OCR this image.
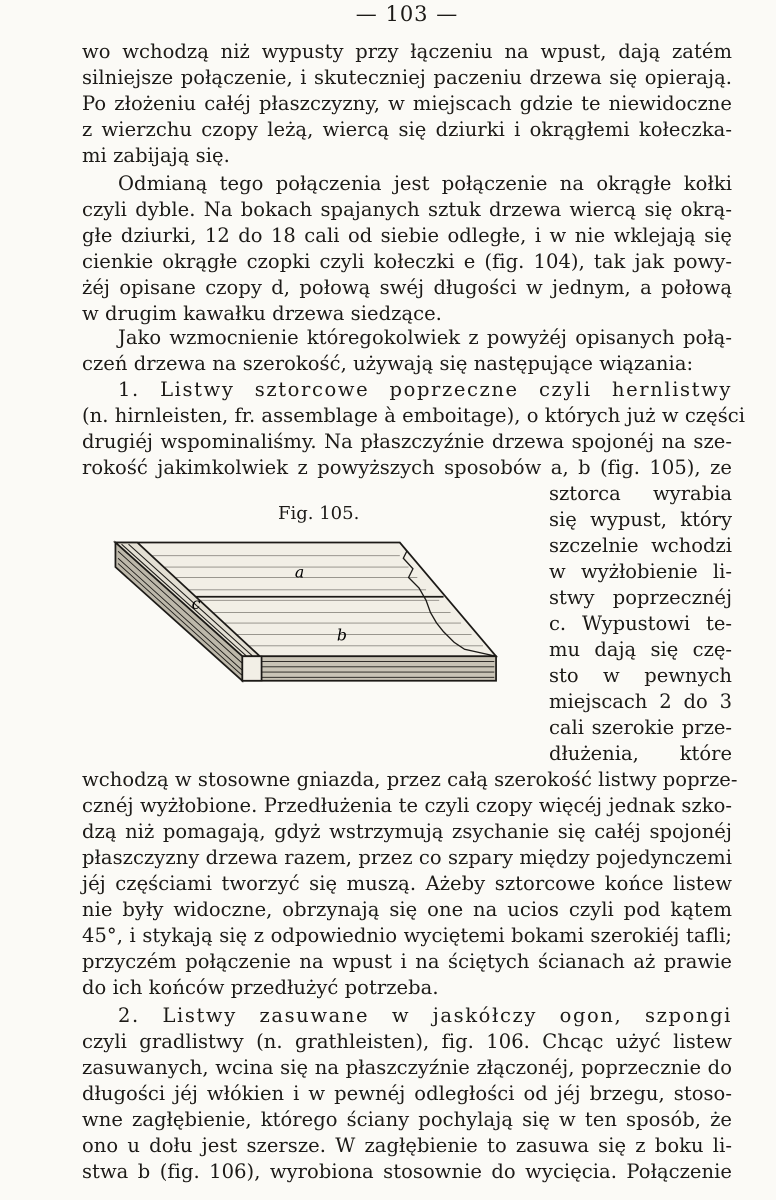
— 103 —
wo wchodzą niż wypusty przy łączeniu na wpust, dają zatém
silniejsze połączenie, i skuteczniej paczeniu drzewa się opierają.
Po złożeniu całéj płaszczyzny, w miejscach gdzie te niewidoczne
z wierzchu czopy leżą, wiercą się dziurki i okrągłemi kołeczka-
mi zabijają się.
Odmianą tego połączenia jest połączenie na okrągłe kołki
czyli dyble. Na bokach spajanych sztuk drzewa wiercą się okrą-
głe dziurki, 12 do 18 cali od siebie odległe, i w nie wklejają się
cienkie okrągłe czopki czyli kołeczki e (fig. 104), tak jak powy-
żéj opisane czopy d, połową swéj długości w jednym, a połową
w drugim kawałku drzewa siedzące.
Jako wzmocnienie któregokolwiek z powyżéj opisanych połą-
czeń drzewa na szerokość, używają się następujące wiązania:
1. Listwy sztorcowe poprzeczne czyli hernlistwy
(n. hirnleisten, fr. assemblage à emboitage), o których już w części
drugiéj wspominaliśmy. Na płaszczyźnie drzewa spojonéj na sze-
rokość jakimkolwiek z powyższych sposobów a, b (fig. 105), ze
Fig. 105.
a
b
c
sztorca wyrabia
się wypust, który
szczelnie wchodzi
w wyżłobienie li-
stwy poprzecznéj
c. Wypustowi te-
mu dają się czę-
sto w pewnych
miejscach 2 do 3
cali szerokie prze-
dłużenia, które
wchodzą w stosowne gniazda, przez całą szerokość listwy poprze-
cznéj wyżłobione. Przedłużenia te czyli czopy więcéj jednak szko-
dzą niż pomagają, gdyż wstrzymują zsychanie się całéj spojonéj
płaszczyzny drzewa razem, przez co szpary między pojedynczemi
jéj częściami tworzyć się muszą. Ażeby sztorcowe końce listew
nie były widoczne, obrzynają się one na ucios czyli pod kątem
45°, i stykają się z odpowiednio wyciętemi bokami szerokiéj tafli;
przyczém połączenie na wpust i na ściętych ścianach aż prawie
do ich końców przedłużyć potrzeba.
2. Listwy zasuwane w jaskółczy ogon, szpongi
czyli gradlistwy (n. grathleisten), fig. 106. Chcąc użyć listew
zasuwanych, wcina się na płaszczyźnie złączonéj, poprzecznie do
długości jéj włókien i w pewnéj odległości od jéj brzegu, stoso-
wne zagłębienie, którego ściany pochylają się w ten sposób, że
ono u dołu jest szersze. W zagłębienie to zasuwa się z boku li-
stwa b (fig. 106), wyrobiona stosownie do wycięcia. Połączenie
